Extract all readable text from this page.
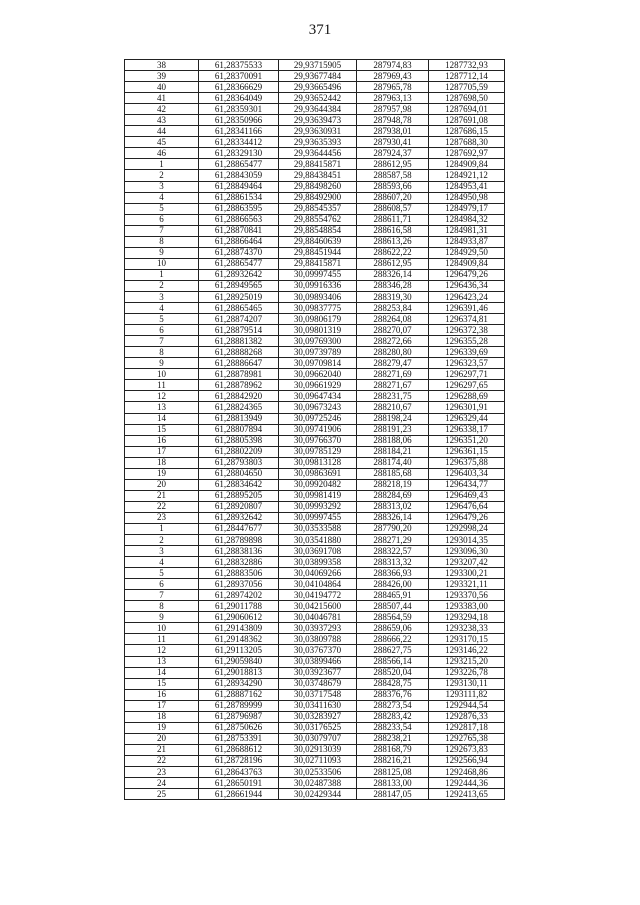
371
38	61,28375533	29,93715905	287974,83	1287732,93
39	61,28370091	29,93677484	287969,43	1287712,14
40	61,28366629	29,93665496	287965,78	1287705,59
41	61,28364049	29,93652442	287963,13	1287698,50
42	61,28359301	29,93644384	287957,98	1287694,01
43	61,28350966	29,93639473	287948,78	1287691,08
44	61,28341166	29,93630931	287938,01	1287686,15
45	61,28334412	29,93635393	287930,41	1287688,30
46	61,28329130	29,93644456	287924,37	1287692,97
1	61,28865477	29,88415871	288612,95	1284909,84
2	61,28843059	29,88438451	288587,58	1284921,12
3	61,28849464	29,88498260	288593,66	1284953,41
4	61,28861534	29,88492900	288607,20	1284950,98
5	61,28863595	29,88545357	288608,57	1284979,17
6	61,28866563	29,88554762	288611,71	1284984,32
7	61,28870841	29,88548854	288616,58	1284981,31
8	61,28866464	29,88460639	288613,26	1284933,87
9	61,28874370	29,88451944	288622,22	1284929,50
10	61,28865477	29,88415871	288612,95	1284909,84
1	61,28932642	30,09997455	288326,14	1296479,26
2	61,28949565	30,09916336	288346,28	1296436,34
3	61,28925019	30,09893406	288319,30	1296423,24
4	61,28865465	30,09837775	288253,84	1296391,46
5	61,28874207	30,09806179	288264,08	1296374,81
6	61,28879514	30,09801319	288270,07	1296372,38
7	61,28881382	30,09769300	288272,66	1296355,28
8	61,28888268	30,09739789	288280,80	1296339,69
9	61,28886647	30,09709814	288279,47	1296323,57
10	61,28878981	30,09662040	288271,69	1296297,71
11	61,28878962	30,09661929	288271,67	1296297,65
12	61,28842920	30,09647434	288231,75	1296288,69
13	61,28824365	30,09673243	288210,67	1296301,91
14	61,28813949	30,09725246	288198,24	1296329,44
15	61,28807894	30,09741906	288191,23	1296338,17
16	61,28805398	30,09766370	288188,06	1296351,20
17	61,28802209	30,09785129	288184,21	1296361,15
18	61,28793803	30,09813128	288174,40	1296375,88
19	61,28804650	30,09863691	288185,68	1296403,34
20	61,28834642	30,09920482	288218,19	1296434,77
21	61,28895205	30,09981419	288284,69	1296469,43
22	61,28920807	30,09993292	288313,02	1296476,64
23	61,28932642	30,09997455	288326,14	1296479,26
1	61,28447677	30,03533588	287790,20	1292998,24
2	61,28789898	30,03541880	288271,29	1293014,35
3	61,28838136	30,03691708	288322,57	1293096,30
4	61,28832886	30,03899358	288313,32	1293207,42
5	61,28883506	30,04069266	288366,93	1293300,21
6	61,28937056	30,04104864	288426,00	1293321,11
7	61,28974202	30,04194772	288465,91	1293370,56
8	61,29011788	30,04215600	288507,44	1293383,00
9	61,29060612	30,04046781	288564,59	1293294,18
10	61,29143809	30,03937293	288659,06	1293238,33
11	61,29148362	30,03809788	288666,22	1293170,15
12	61,29113205	30,03767370	288627,75	1293146,22
13	61,29059840	30,03899466	288566,14	1293215,20
14	61,29018813	30,03923677	288520,04	1293226,78
15	61,28934290	30,03748679	288428,75	1293130,11
16	61,28887162	30,03717548	288376,76	1293111,82
17	61,28789999	30,03411630	288273,54	1292944,54
18	61,28796987	30,03283927	288283,42	1292876,33
19	61,28750626	30,03176525	288233,54	1292817,18
20	61,28753391	30,03079707	288238,21	1292765,38
21	61,28688612	30,02913039	288168,79	1292673,83
22	61,28728196	30,02711093	288216,21	1292566,94
23	61,28643763	30,02533506	288125,08	1292468,86
24	61,28650191	30,02487388	288133,00	1292444,36
25	61,28661944	30,02429344	288147,05	1292413,65
